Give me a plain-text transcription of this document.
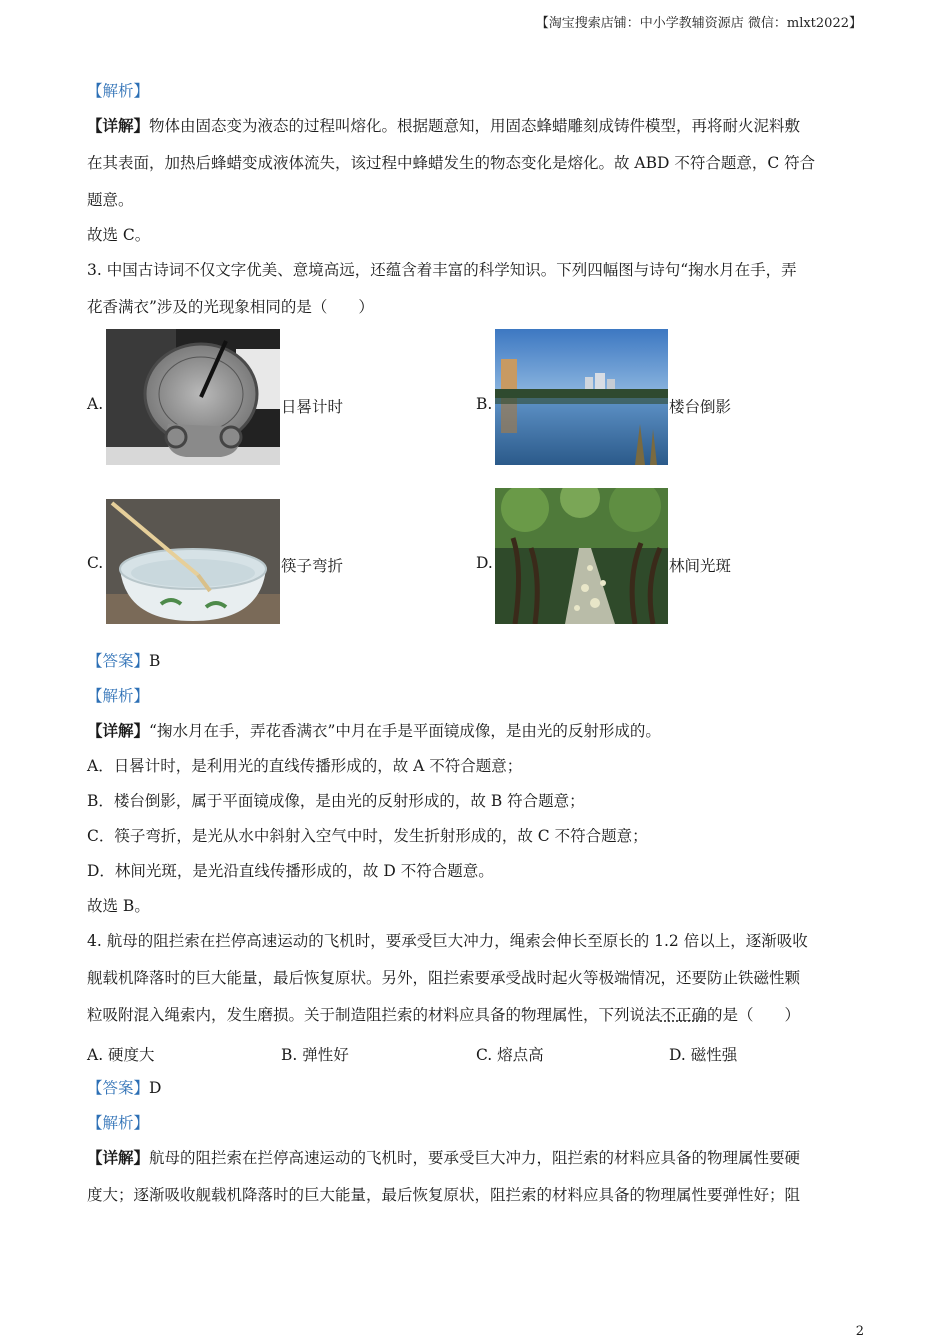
【淘宝搜索店铺：中小学教辅资源店 微信：mlxt2022】
【解析】
【详解】物体由固态变为液态的过程叫熔化。根据题意知，用固态蜂蜡雕刻成铸件模型，再将耐火泥料敷
在其表面，加热后蜂蜡变成液体流失，该过程中蜂蜡发生的物态变化是熔化。故 ABD 不符合题意，C 符合
题意。
故选 C。
3. 中国古诗词不仅文字优美、意境高远，还蕴含着丰富的科学知识。下列四幅图与诗句“掬水月在手，弄
花香满衣”涉及的光现象相同的是（　　）
A.	日晷计时	B.	楼台倒影
C.	筷子弯折	D.	林间光斑
【答案】B
【解析】
【详解】“掬水月在手，弄花香满衣”中月在手是平面镜成像，是由光的反射形成的。
A．日晷计时，是利用光的直线传播形成的，故 A 不符合题意；
B．楼台倒影，属于平面镜成像，是由光的反射形成的，故 B 符合题意；
C．筷子弯折，是光从水中斜射入空气中时，发生折射形成的，故 C 不符合题意；
D．林间光斑，是光沿直线传播形成的，故 D 不符合题意。
故选 B。
4. 航母的阻拦索在拦停高速运动的飞机时，要承受巨大冲力，绳索会伸长至原长的 1.2 倍以上，逐渐吸收
舰载机降落时的巨大能量，最后恢复原状。另外，阻拦索要承受战时起火等极端情况，还要防止铁磁性颗
粒吸附混入绳索内，发生磨损。关于制造阻拦索的材料应具备的物理属性，下列说法不正确的是（　　）
A. 硬度大	B. 弹性好	C. 熔点高	D. 磁性强
【答案】D
【解析】
【详解】航母的阻拦索在拦停高速运动的飞机时，要承受巨大冲力，阻拦索的材料应具备的物理属性要硬
度大；逐渐吸收舰载机降落时的巨大能量，最后恢复原状，阻拦索的材料应具备的物理属性要弹性好；阻
2
